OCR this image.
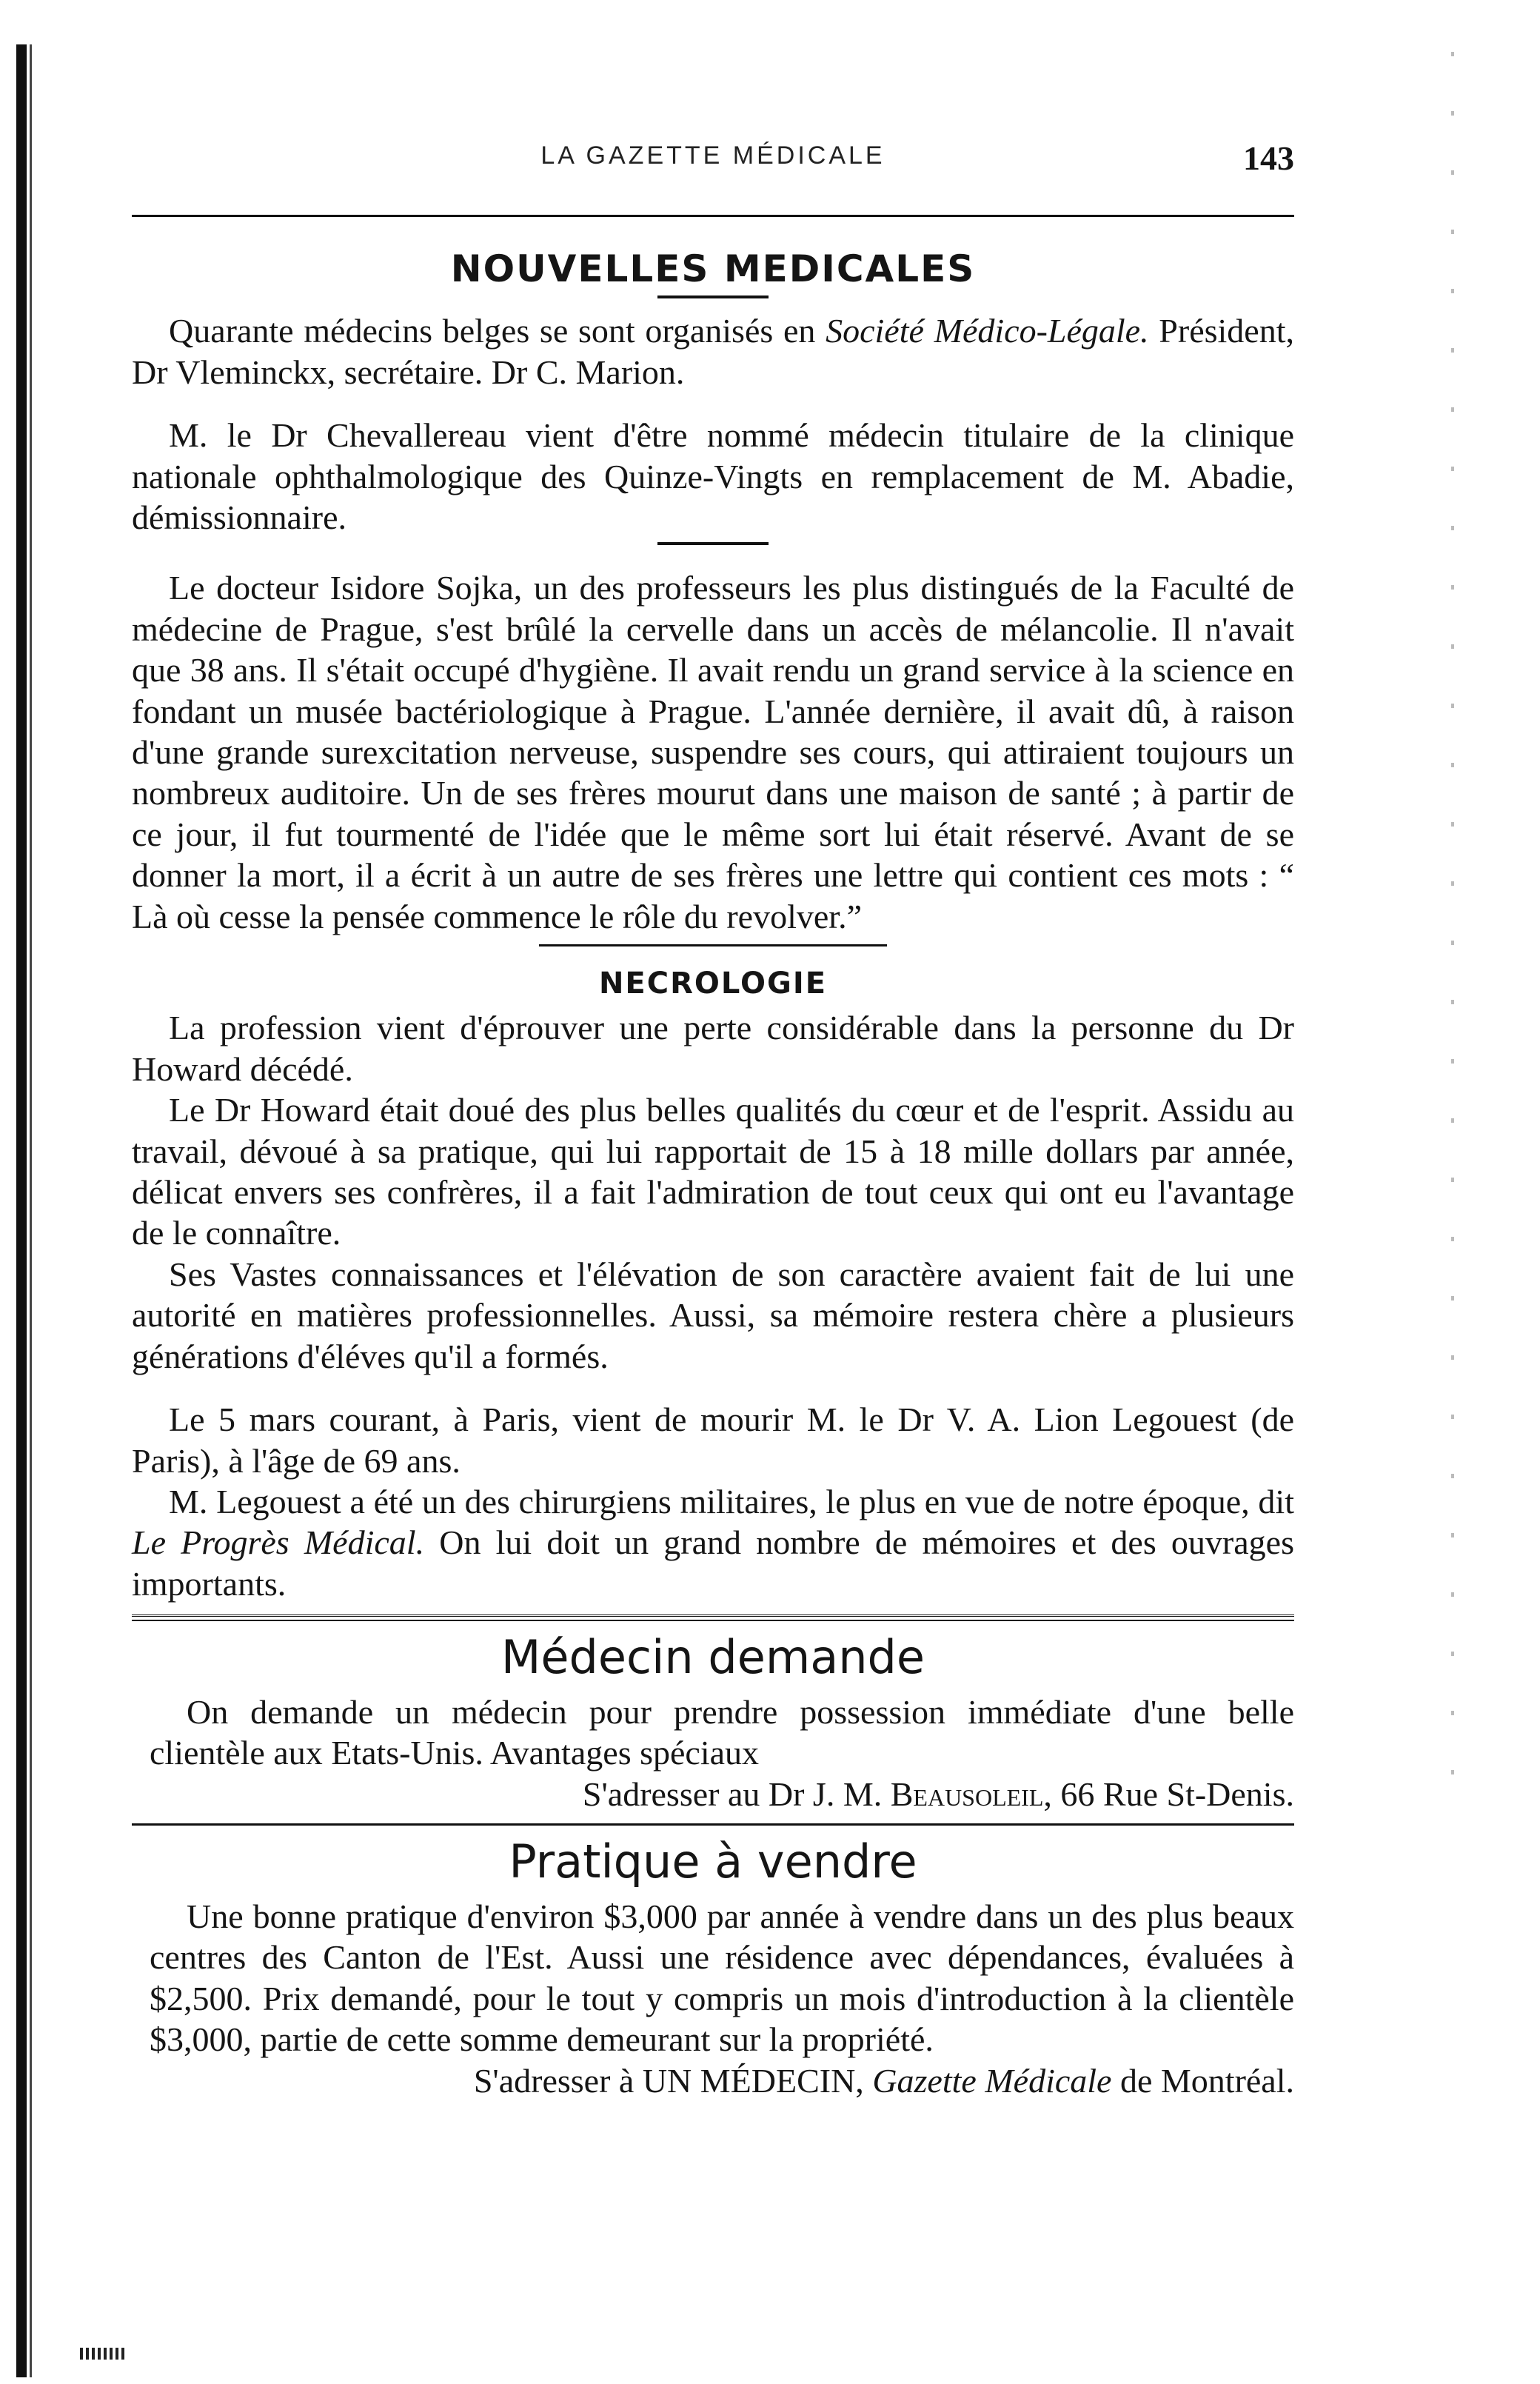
LA GAZETTE MÉDICALE	143
NOUVELLES MEDICALES

Quarante médecins belges se sont organisés en Société Médico-Légale. Président, Dr Vleminckx, secrétaire. Dr C. Marion.

M. le Dr Chevallereau vient d'être nommé médecin titulaire de la clinique nationale ophthalmologique des Quinze-Vingts en remplacement de M. Abadie, démissionnaire.

Le docteur Isidore Sojka, un des professeurs les plus distingués de la Faculté de médecine de Prague, s'est brûlé la cervelle dans un accès de mélancolie. Il n'avait que 38 ans. Il s'était occupé d'hygiène. Il avait rendu un grand service à la science en fondant un musée bactériologique à Prague. L'année dernière, il avait dû, à raison d'une grande surexcitation nerveuse, suspendre ses cours, qui attiraient toujours un nombreux auditoire. Un de ses frères mourut dans une maison de santé ; à partir de ce jour, il fut tourmenté de l'idée que le même sort lui était réservé. Avant de se donner la mort, il a écrit à un autre de ses frères une lettre qui contient ces mots : “ Là où cesse la pensée commence le rôle du revolver.”

NECROLOGIE

La profession vient d'éprouver une perte considérable dans la personne du Dr Howard décédé.

Le Dr Howard était doué des plus belles qualités du cœur et de l'esprit. Assidu au travail, dévoué à sa pratique, qui lui rapportait de 15 à 18 mille dollars par année, délicat envers ses confrères, il a fait l'admiration de tout ceux qui ont eu l'avantage de le connaître.

Ses Vastes connaissances et l'élévation de son caractère avaient fait de lui une autorité en matières professionnelles. Aussi, sa mémoire restera chère a plusieurs générations d'éléves qu'il a formés.

Le 5 mars courant, à Paris, vient de mourir M. le Dr V. A. Lion Legouest (de Paris), à l'âge de 69 ans.

M. Legouest a été un des chirurgiens militaires, le plus en vue de notre époque, dit Le Progrès Médical. On lui doit un grand nombre de mémoires et des ouvrages importants.

Médecin demande

On demande un médecin pour prendre possession immédiate d'une belle clientèle aux Etats-Unis. Avantages spéciaux

S'adresser au Dr J. M. Beausoleil, 66 Rue St-Denis.

Pratique à vendre

Une bonne pratique d'environ $3,000 par année à vendre dans un des plus beaux centres des Canton de l'Est. Aussi une résidence avec dépendances, évaluées à $2,500. Prix demandé, pour le tout y compris un mois d'introduction à la clientèle $3,000, partie de cette somme demeurant sur la propriété.

S'adresser à UN MÉDECIN, Gazette Médicale de Montréal.
